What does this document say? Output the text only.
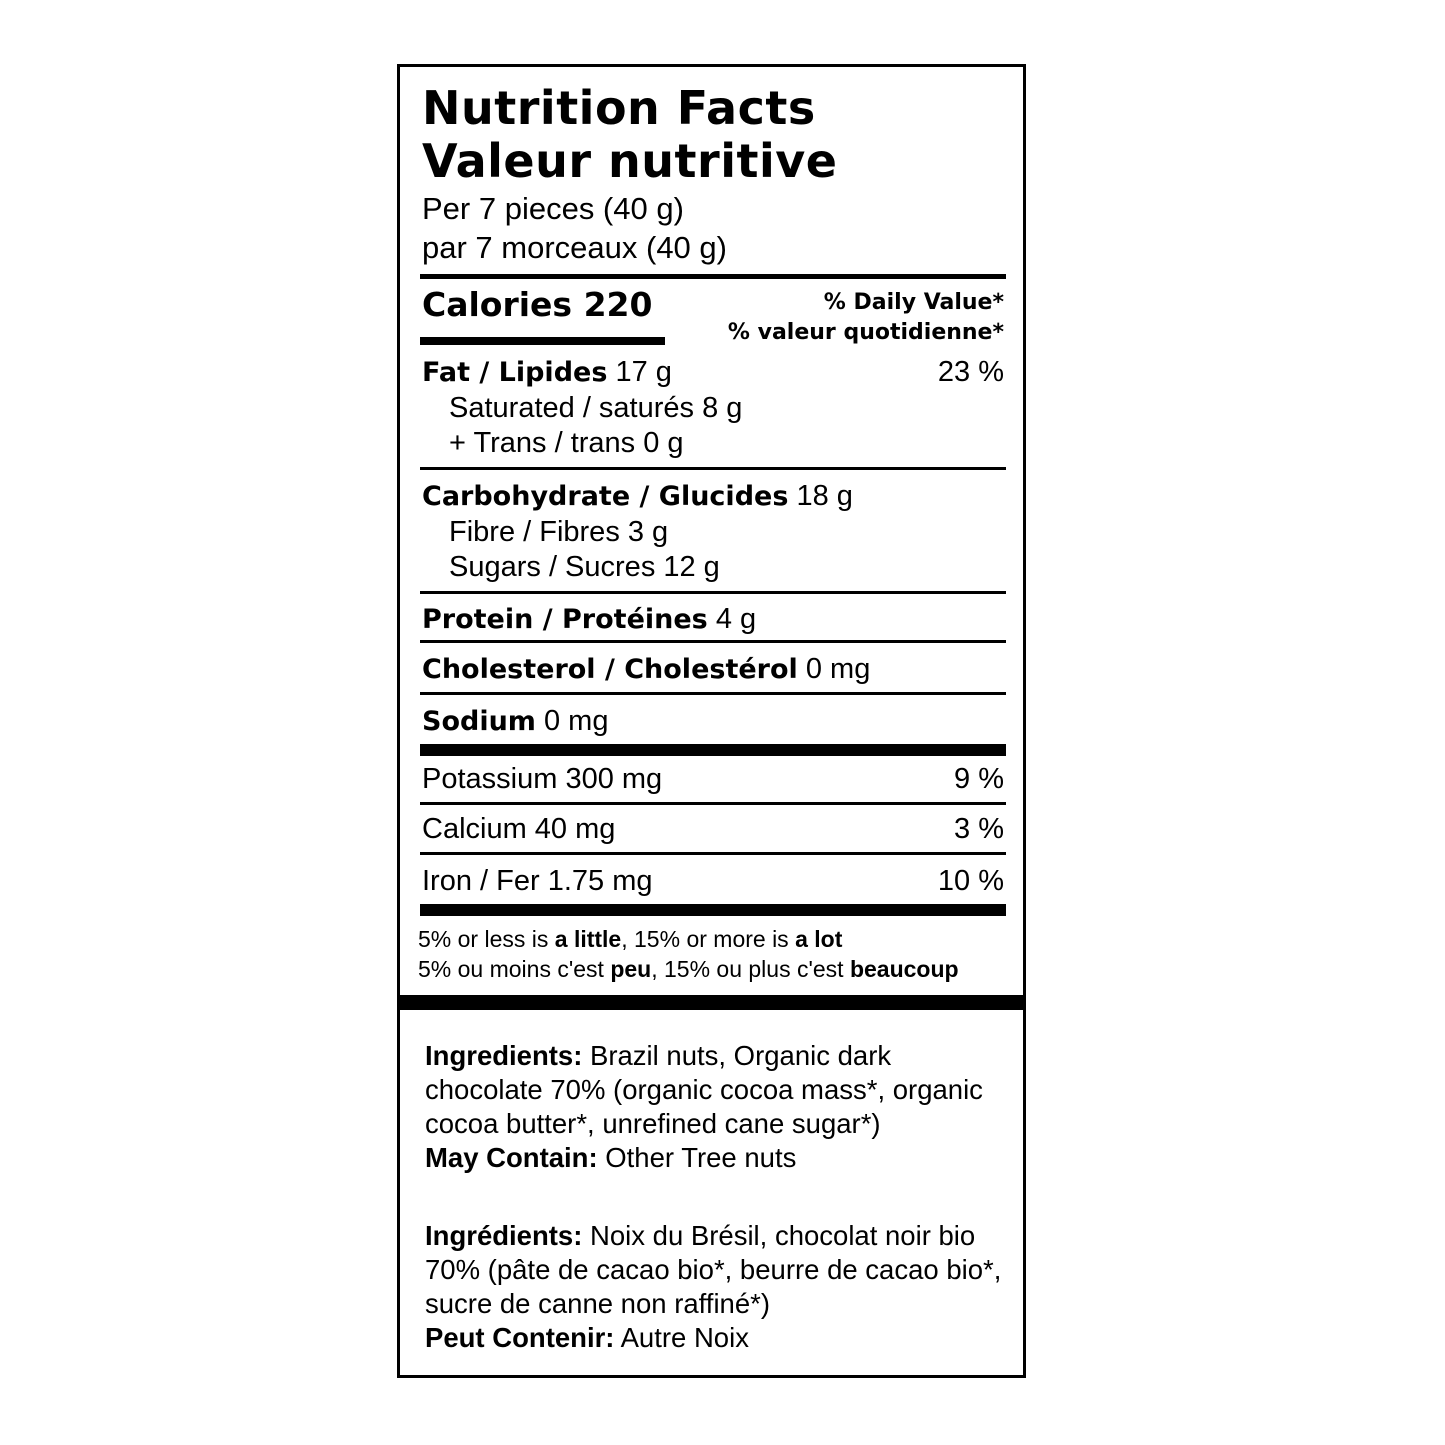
Nutrition Facts
Valeur nutritive
Per 7 pieces (40 g)
par 7 morceaux (40 g)
Calories 220	% Daily Value*
% valeur quotidienne*
Fat / Lipides 17 g	23 %
Saturated / saturés 8 g
+ Trans / trans 0 g
Carbohydrate / Glucides 18 g
Fibre / Fibres 3 g
Sugars / Sucres 12 g
Protein / Protéines 4 g
Cholesterol / Cholestérol 0 mg
Sodium 0 mg
Potassium 300 mg	9 %
Calcium 40 mg	3 %
Iron / Fer 1.75 mg	10 %
5% or less is a little, 15% or more is a lot
5% ou moins c'est peu, 15% ou plus c'est beaucoup
Ingredients: Brazil nuts, Organic dark
chocolate 70% (organic cocoa mass*, organic
cocoa butter*, unrefined cane sugar*)
May Contain: Other Tree nuts
Ingrédients: Noix du Brésil, chocolat noir bio
70% (pâte de cacao bio*, beurre de cacao bio*,
sucre de canne non raffiné*)
Peut Contenir: Autre Noix
